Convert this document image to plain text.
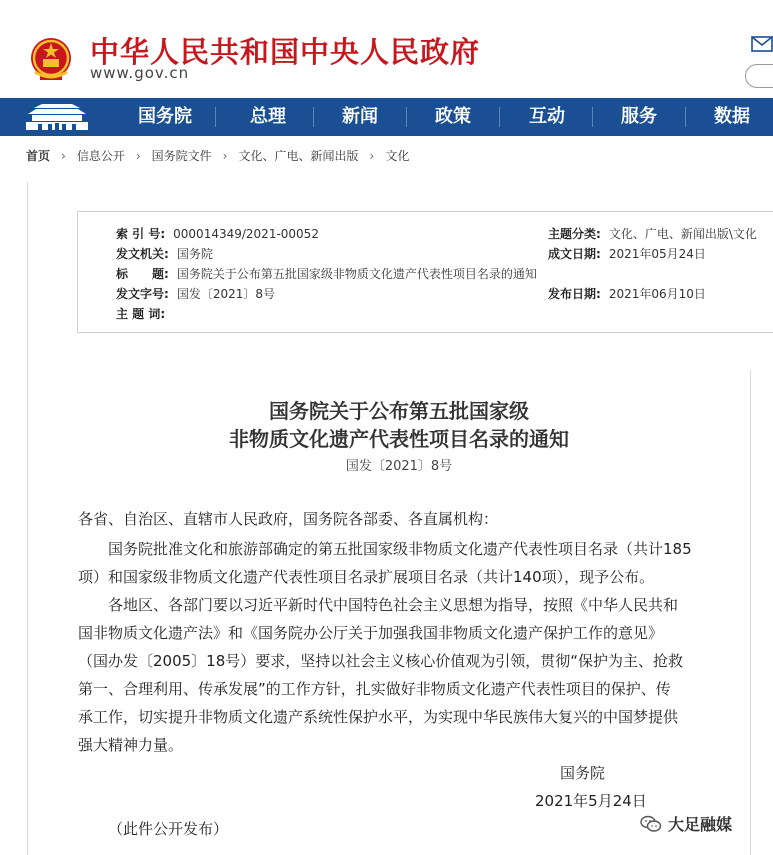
中华人民共和国中央人民政府
www.gov.cn
国务院	总理	新闻	政策	互动	服务	数据
首页 › 信息公开 › 国务院文件 › 文化、广电、新闻出版 › 文化
索 引 号: 000014349/2021-00052	主题分类: 文化、广电、新闻出版\文化
发文机关: 国务院	成文日期: 2021年05月24日
标　　题: 国务院关于公布第五批国家级非物质文化遗产代表性项目名录的通知
发文字号: 国发〔2021〕8号	发布日期: 2021年06月10日
主 题 词:
国务院关于公布第五批国家级
非物质文化遗产代表性项目名录的通知
国发〔2021〕8号
各省、自治区、直辖市人民政府，国务院各部委、各直属机构：
国务院批准文化和旅游部确定的第五批国家级非物质文化遗产代表性项目名录（共计185
项）和国家级非物质文化遗产代表性项目名录扩展项目名录（共计140项），现予公布。
各地区、各部门要以习近平新时代中国特色社会主义思想为指导，按照《中华人民共和
国非物质文化遗产法》和《国务院办公厅关于加强我国非物质文化遗产保护工作的意见》
（国办发〔2005〕18号）要求，坚持以社会主义核心价值观为引领，贯彻“保护为主、抢救
第一、合理利用、传承发展”的工作方针，扎实做好非物质文化遗产代表性项目的保护、传
承工作，切实提升非物质文化遗产系统性保护水平，为实现中华民族伟大复兴的中国梦提供
强大精神力量。
国务院
2021年5月24日
（此件公开发布）	大足融媒
